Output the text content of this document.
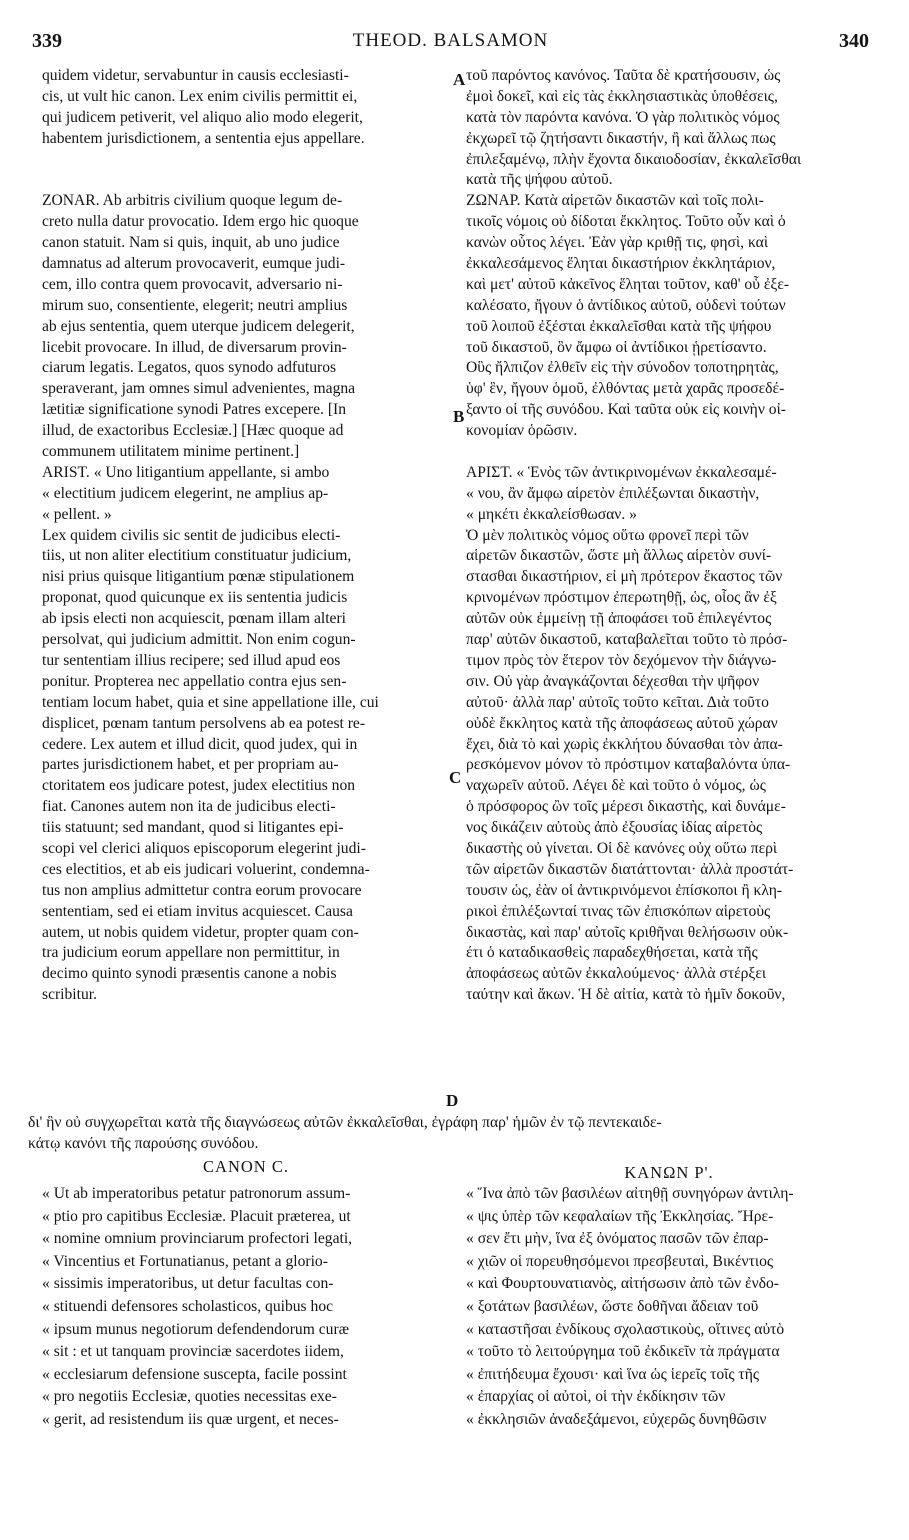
339	THEOD. BALSAMON	340
A
B
C
D
quidem videtur, servabuntur in causis ecclesiasti-
cis, ut vult hic canon. Lex enim civilis permittit ei,
qui judicem petiverit, vel aliquo alio modo elegerit,
habentem jurisdictionem, a sententia ejus appellare.
ZONAR. Ab arbitris civilium quoque legum de-
creto nulla datur provocatio. Idem ergo hic quoque
canon statuit. Nam si quis, inquit, ab uno judice
damnatus ad alterum provocaverit, eumque judi-
cem, illo contra quem provocavit, adversario ni-
mirum suo, consentiente, elegerit; neutri amplius
ab ejus sententia, quem uterque judicem delegerit,
licebit provocare. In illud, de diversarum provin-
ciarum legatis. Legatos, quos synodo adfuturos
speraverant, jam omnes simul advenientes, magna
lætitiæ significatione synodi Patres excepere. [In
illud, de exactoribus Ecclesiæ.] [Hæc quoque ad
communem utilitatem minime pertinent.]
ARIST. « Uno litigantium appellante, si ambo
« electitium judicem elegerint, ne amplius ap-
« pellent. »
Lex quidem civilis sic sentit de judicibus electi-
tiis, ut non aliter electitium constituatur judicium,
nisi prius quisque litigantium pœnæ stipulationem
proponat, quod quicunque ex iis sententia judicis
ab ipsis electi non acquiescit, pœnam illam alteri
persolvat, qui judicium admittit. Non enim cogun-
tur sententiam illius recipere; sed illud apud eos
ponitur. Propterea nec appellatio contra ejus sen-
tentiam locum habet, quia et sine appellatione ille, cui
displicet, pœnam tantum persolvens ab ea potest re-
cedere. Lex autem et illud dicit, quod judex, qui in
partes jurisdictionem habet, et per propriam au-
ctoritatem eos judicare potest, judex electitius non
fiat. Canones autem non ita de judicibus electi-
tiis statuunt; sed mandant, quod si litigantes epi-
scopi vel clerici aliquos episcoporum elegerint judi-
ces electitios, et ab eis judicari voluerint, condemna-
tus non amplius admittetur contra eorum provocare
sententiam, sed ei etiam invitus acquiescet. Causa
autem, ut nobis quidem videtur, propter quam con-
tra judicium eorum appellare non permittitur, in
decimo quinto synodi præsentis canone a nobis
scribitur.
τοῦ παρόντος κανόνος. Ταῦτα δὲ κρατήσουσιν, ὡς
ἐμοὶ δοκεῖ, καὶ εἰς τὰς ἐκκλησιαστικὰς ὑποθέσεις,
κατὰ τὸν παρόντα κανόνα. Ὁ γὰρ πολιτικὸς νόμος
ἐκχωρεῖ τῷ ζητήσαντι δικαστήν, ἢ καὶ ἄλλως πως
ἐπιλεξαμένῳ, πλὴν ἔχοντα δικαιοδοσίαν, ἐκκαλεῖσθαι
κατὰ τῆς ψήφου αὐτοῦ.
ΖΩΝΑΡ. Κατὰ αἱρετῶν δικαστῶν καὶ τοῖς πολι-
τικοῖς νόμοις οὐ δίδοται ἔκκλητος. Τοῦτο οὖν καὶ ὁ
κανὼν οὗτος λέγει. Ἐὰν γὰρ κριθῇ τις, φησὶ, καὶ
ἐκκαλεσάμενος ἕληται δικαστήριον ἐκκλητάριον,
καὶ μετ' αὐτοῦ κἀκεῖνος ἕληται τοῦτον, καθ' οὗ ἐξε-
καλέσατο, ἤγουν ὁ ἀντίδικος αὐτοῦ, οὐδενὶ τούτων
τοῦ λοιποῦ ἐξέσται ἐκκαλεῖσθαι κατὰ τῆς ψήφου
τοῦ δικαστοῦ, ὃν ἄμφω οἱ ἀντίδικοι ᾑρετίσαντο.
Οὓς ἤλπιζον ἐλθεῖν εἰς τὴν σύνοδον τοποτηρητὰς,
ὑφ' ἓν, ἤγουν ὁμοῦ, ἐλθόντας μετὰ χαρᾶς προσεδέ-
ξαντο οἱ τῆς συνόδου. Καὶ ταῦτα οὐκ εἰς κοινὴν οἰ-
κονομίαν ὁρῶσιν.
ΑΡΙΣΤ. « Ἑνὸς τῶν ἀντικρινομένων ἐκκαλεσαμέ-
« νου, ἂν ἄμφω αἱρετὸν ἐπιλέξωνται δικαστὴν,
« μηκέτι ἐκκαλείσθωσαν. »
Ὁ μὲν πολιτικὸς νόμος οὕτω φρονεῖ περὶ τῶν
αἱρετῶν δικαστῶν, ὥστε μὴ ἄλλως αἱρετὸν συνί-
στασθαι δικαστήριον, εἰ μὴ πρότερον ἕκαστος τῶν
κρινομένων πρόστιμον ἐπερωτηθῇ, ὡς, οἷος ἂν ἐξ
αὐτῶν οὐκ ἐμμείνῃ τῇ ἀποφάσει τοῦ ἐπιλεγέντος
παρ' αὐτῶν δικαστοῦ, καταβαλεῖται τοῦτο τὸ πρόσ-
τιμον πρὸς τὸν ἕτερον τὸν δεχόμενον τὴν διάγνω-
σιν. Οὐ γὰρ ἀναγκάζονται δέχεσθαι τὴν ψῆφον
αὐτοῦ· ἀλλὰ παρ' αὐτοῖς τοῦτο κεῖται. Διὰ τοῦτο
οὐδὲ ἔκκλητος κατὰ τῆς ἀποφάσεως αὐτοῦ χώραν
ἔχει, διὰ τὸ καὶ χωρὶς ἐκκλήτου δύνασθαι τὸν ἀπα-
ρεσκόμενον μόνον τὸ πρόστιμον καταβαλόντα ὑπα-
ναχωρεῖν αὐτοῦ. Λέγει δὲ καὶ τοῦτο ὁ νόμος, ὡς
ὁ πρόσφορος ὢν τοῖς μέρεσι δικαστὴς, καὶ δυνάμε-
νος δικάζειν αὐτοὺς ἀπὸ ἐξουσίας ἰδίας αἱρετὸς
δικαστὴς οὐ γίνεται. Οἱ δὲ κανόνες οὐχ οὕτω περὶ
τῶν αἱρετῶν δικαστῶν διατάττονται· ἀλλὰ προστάτ-
τουσιν ὡς, ἐὰν οἱ ἀντικρινόμενοι ἐπίσκοποι ἢ κλη-
ρικοὶ ἐπιλέξωνταί τινας τῶν ἐπισκόπων αἱρετοὺς
δικαστὰς, καὶ παρ' αὐτοῖς κριθῆναι θελήσωσιν οὐκ-
έτι ὁ καταδικασθεὶς παραδεχθήσεται, κατὰ τῆς
ἀποφάσεως αὐτῶν ἐκκαλούμενος· ἀλλὰ στέρξει
ταύτην καὶ ἄκων. Ἡ δὲ αἰτία, κατὰ τὸ ἡμῖν δοκοῦν,
δι' ἣν οὐ συγχωρεῖται κατὰ τῆς διαγνώσεως αὐτῶν ἐκκαλεῖσθαι, ἐγράφη παρ' ἡμῶν ἐν τῷ πεντεκαιδε-
κάτῳ κανόνι τῆς παρούσης συνόδου.
CANON C.	ΚΑΝΩΝ Ρ'.
« Ut ab imperatoribus petatur patronorum assum-
« ptio pro capitibus Ecclesiæ. Placuit præterea, ut
« nomine omnium provinciarum profectori legati,
« Vincentius et Fortunatianus, petant a glorio-
« sissimis imperatoribus, ut detur facultas con-
« stituendi defensores scholasticos, quibus hoc
« ipsum munus negotiorum defendendorum curæ
« sit : et ut tanquam provinciæ sacerdotes iidem,
« ecclesiarum defensione suscepta, facile possint
« pro negotiis Ecclesiæ, quoties necessitas exe-
« gerit, ad resistendum iis quæ urgent, et neces-
« Ἵνα ἀπὸ τῶν βασιλέων αἰτηθῇ συνηγόρων ἀντιλη-
« ψις ὑπὲρ τῶν κεφαλαίων τῆς Ἐκκλησίας. Ἤρε-
« σεν ἔτι μὴν, ἵνα ἐξ ὀνόματος πασῶν τῶν ἐπαρ-
« χιῶν οἱ πορευθησόμενοι πρεσβευταὶ, Βικέντιος
« καὶ Φουρτουνατιανὸς, αἰτήσωσιν ἀπὸ τῶν ἐνδο-
« ξοτάτων βασιλέων, ὥστε δοθῆναι ἄδειαν τοῦ
« καταστῆσαι ἐνδίκους σχολαστικοὺς, οἵτινες αὐτὸ
« τοῦτο τὸ λειτούργημα τοῦ ἐκδικεῖν τὰ πράγματα
« ἐπιτήδευμα ἔχουσι· καὶ ἵνα ὡς ἱερεῖς τοῖς τῆς
« ἐπαρχίας οἱ αὐτοὶ, οἱ τὴν ἐκδίκησιν τῶν
« ἐκκλησιῶν ἀναδεξάμενοι, εὐχερῶς δυνηθῶσιν
